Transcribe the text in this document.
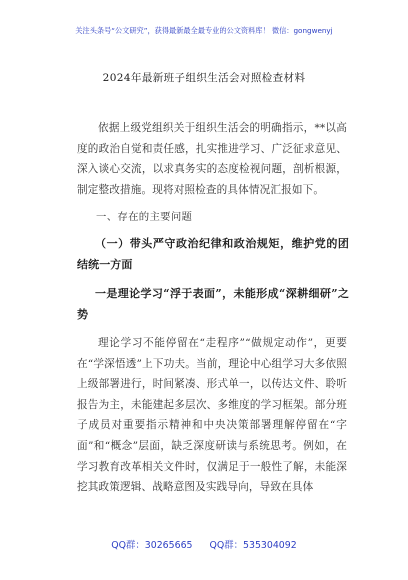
关注头条号“公文研究”，获得最新最全最专业的公文资料库！ 微信：gongwenyj
2024年最新班子组织生活会对照检查材料
依据上级党组织关于组织生活会的明确指示，**以高度的政治自觉和责任感，扎实推进学习、广泛征求意见、深入谈心交流，以求真务实的态度检视问题，剖析根源，制定整改措施。现将对照检查的具体情况汇报如下。
一、存在的主要问题
（一）带头严守政治纪律和政治规矩，维护党的团结统一方面
一是理论学习“浮于表面”，未能形成“深耕细研”之势
理论学习不能停留在“走程序”“做规定动作”，更要在“学深悟透”上下功夫。当前，理论中心组学习大多依照上级部署进行，时间紧凑、形式单一，以传达文件、聆听报告为主，未能建起多层次、多维度的学习框架。部分班子成员对重要指示精神和中央决策部署理解停留在“字面”和“概念”层面，缺乏深度研读与系统思考。例如，在学习教育改革相关文件时，仅满足于一般性了解，未能深挖其政策逻辑、战略意图及实践导向，导致在具体
QQ群：30265665 QQ群：535304092
